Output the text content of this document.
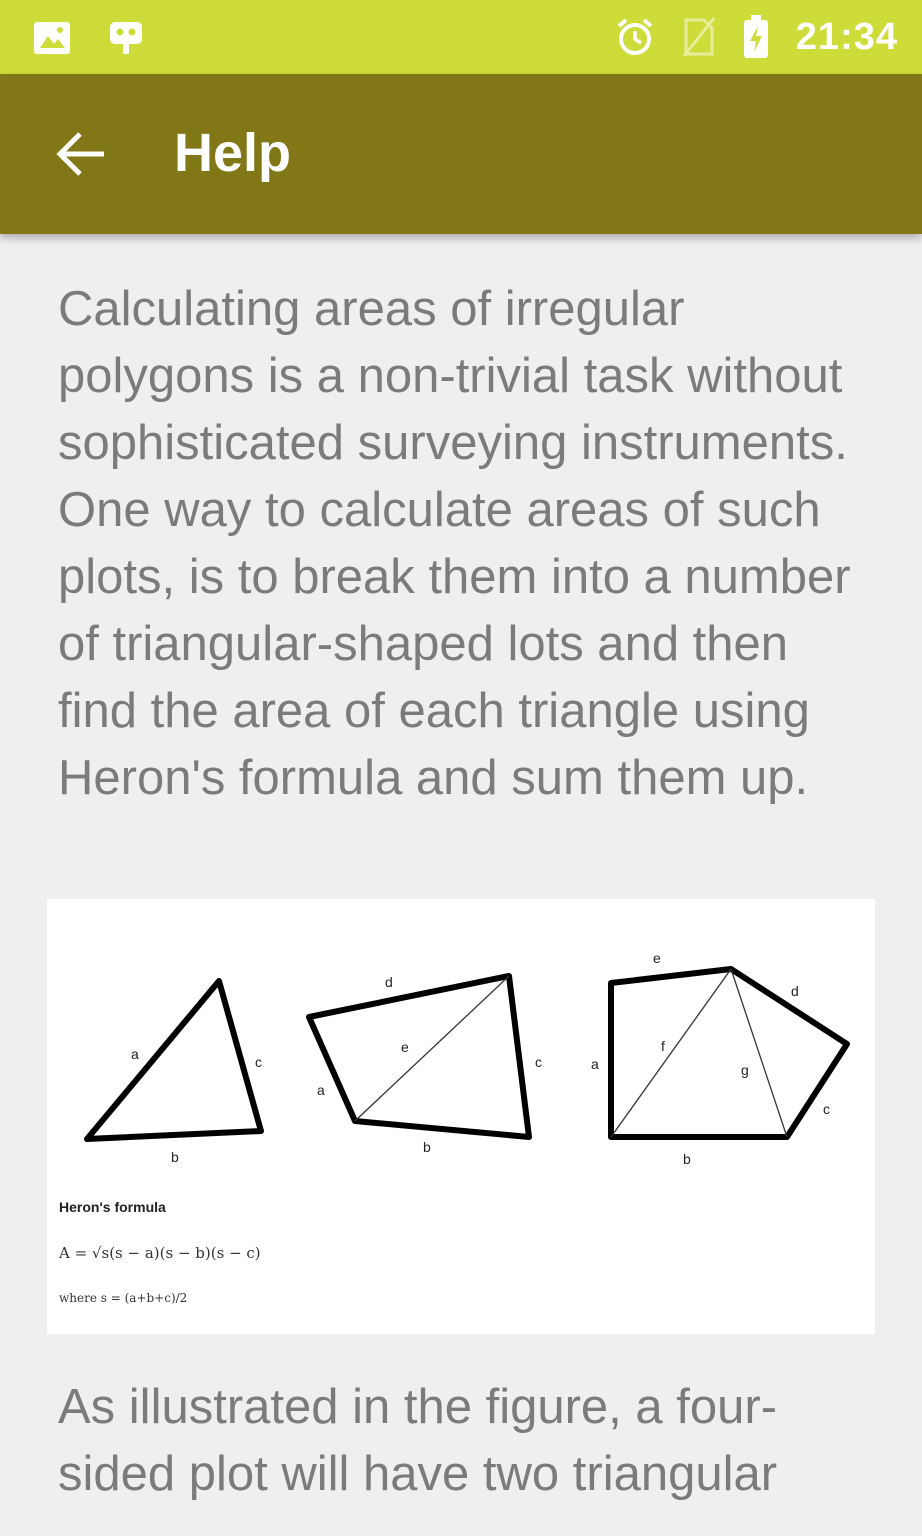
21:34
Help

Calculating areas of irregular polygons is a non-trivial task without sophisticated surveying instruments. One way to calculate areas of such plots, is to break them into a number of triangular-shaped lots and then find the area of each triangle using Heron's formula and sum them up.

a	c
b
d
e
c
a
b
e
d
f
a	g
c
b
Heron's formula
A = √s(s − a)(s − b)(s − c)
where s = (a+b+c)/2

As illustrated in the figure, a four-sided plot will have two triangular
